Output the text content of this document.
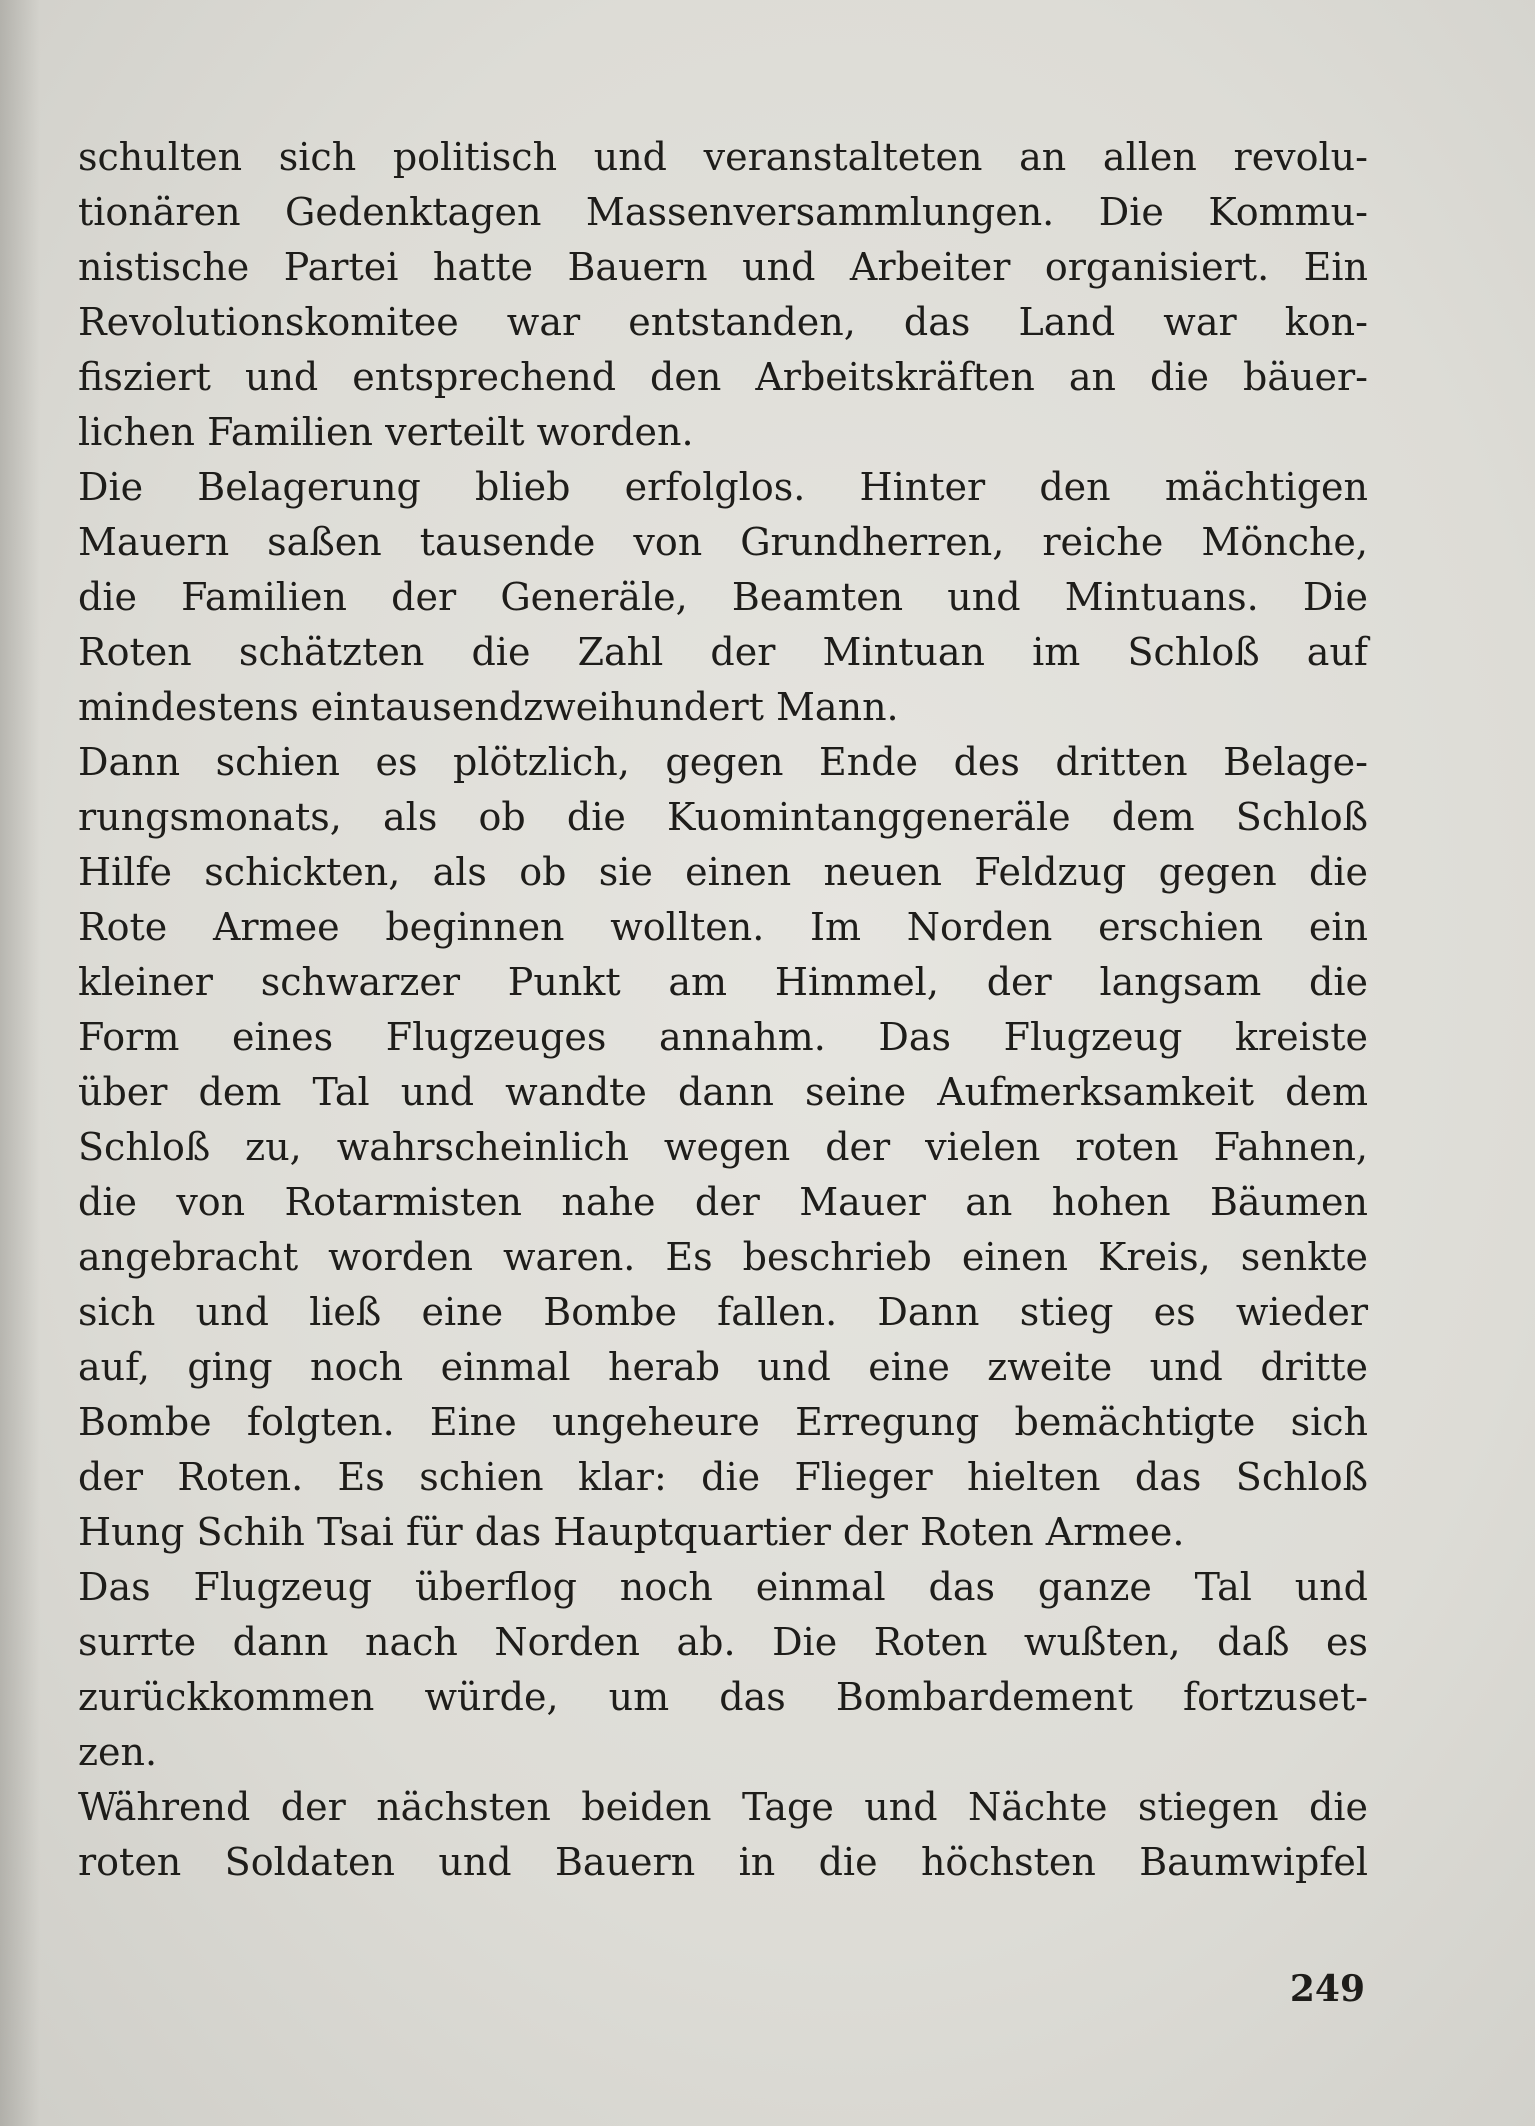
schulten sich politisch und veranstalteten an allen revolu-
tionären Gedenktagen Massenversammlungen. Die Kommu-
nistische Partei hatte Bauern und Arbeiter organisiert. Ein
Revolutionskomitee war entstanden, das Land war kon-
fisziert und entsprechend den Arbeitskräften an die bäuer-
lichen Familien verteilt worden.
Die Belagerung blieb erfolglos. Hinter den mächtigen
Mauern saßen tausende von Grundherren, reiche Mönche,
die Familien der Generäle, Beamten und Mintuans. Die
Roten schätzten die Zahl der Mintuan im Schloß auf
mindestens eintausendzweihundert Mann.
Dann schien es plötzlich, gegen Ende des dritten Belage-
rungsmonats, als ob die Kuomintanggeneräle dem Schloß
Hilfe schickten, als ob sie einen neuen Feldzug gegen die
Rote Armee beginnen wollten. Im Norden erschien ein
kleiner schwarzer Punkt am Himmel, der langsam die
Form eines Flugzeuges annahm. Das Flugzeug kreiste
über dem Tal und wandte dann seine Aufmerksamkeit dem
Schloß zu, wahrscheinlich wegen der vielen roten Fahnen,
die von Rotarmisten nahe der Mauer an hohen Bäumen
angebracht worden waren. Es beschrieb einen Kreis, senkte
sich und ließ eine Bombe fallen. Dann stieg es wieder
auf, ging noch einmal herab und eine zweite und dritte
Bombe folgten. Eine ungeheure Erregung bemächtigte sich
der Roten. Es schien klar: die Flieger hielten das Schloß
Hung Schih Tsai für das Hauptquartier der Roten Armee.
Das Flugzeug überflog noch einmal das ganze Tal und
surrte dann nach Norden ab. Die Roten wußten, daß es
zurückkommen würde, um das Bombardement fortzuset-
zen.
Während der nächsten beiden Tage und Nächte stiegen die
roten Soldaten und Bauern in die höchsten Baumwipfel
249
